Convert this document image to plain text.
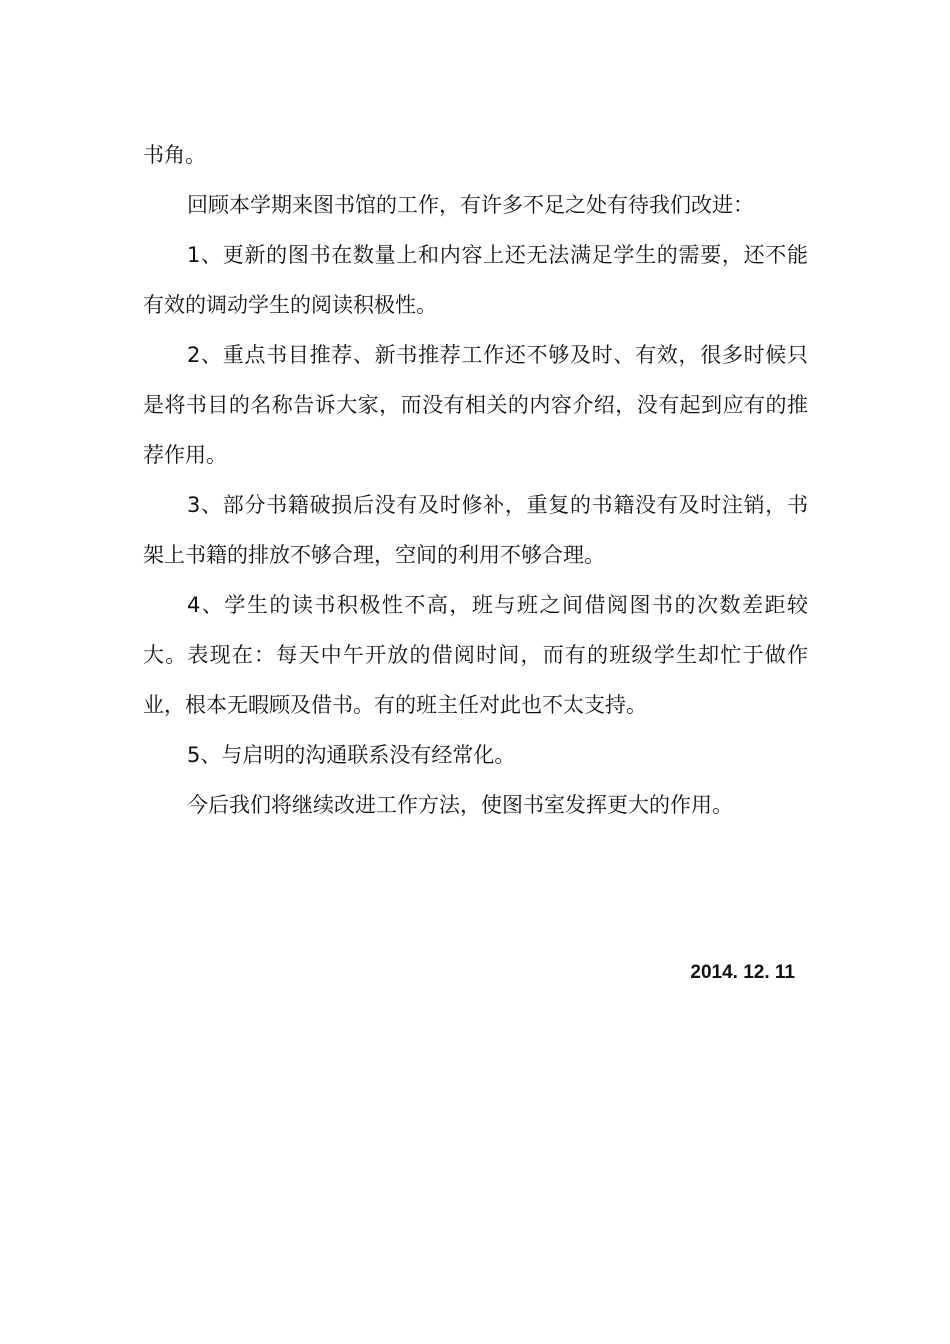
书角。

回顾本学期来图书馆的工作，有许多不足之处有待我们改进：

1、更新的图书在数量上和内容上还无法满足学生的需要，还不能有效的调动学生的阅读积极性。

2、重点书目推荐、新书推荐工作还不够及时、有效，很多时候只是将书目的名称告诉大家，而没有相关的内容介绍，没有起到应有的推荐作用。

3、部分书籍破损后没有及时修补，重复的书籍没有及时注销，书架上书籍的排放不够合理，空间的利用不够合理。

4、学生的读书积极性不高，班与班之间借阅图书的次数差距较大。表现在：每天中午开放的借阅时间，而有的班级学生却忙于做作业，根本无暇顾及借书。有的班主任对此也不太支持。

5、与启明的沟通联系没有经常化。

今后我们将继续改进工作方法，使图书室发挥更大的作用。

2014. 12. 11
